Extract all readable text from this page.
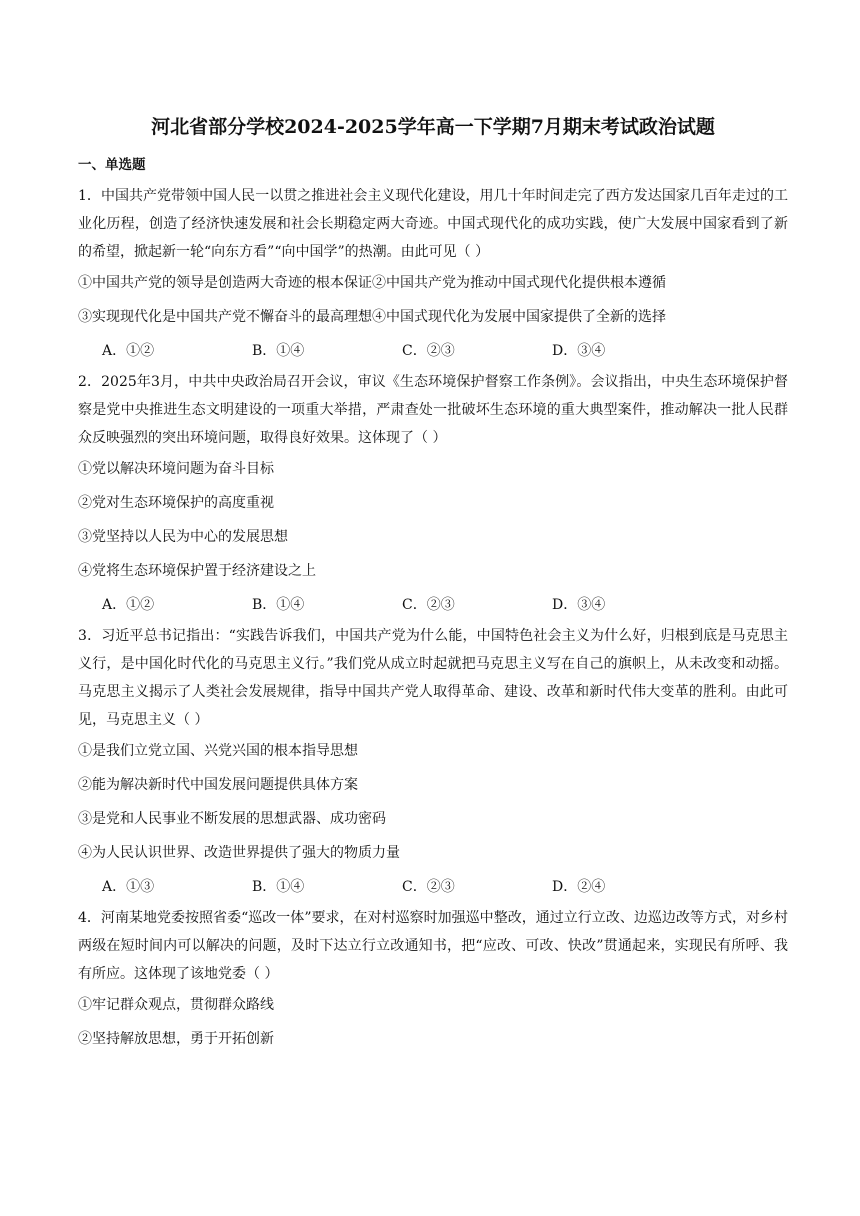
河北省部分学校2024-2025学年高一下学期7月期末考试政治试题
一、单选题

1．中国共产党带领中国人民一以贯之推进社会主义现代化建设，用几十年时间走完了西方发达国家几百年走过的工业化历程，创造了经济快速发展和社会长期稳定两大奇迹。中国式现代化的成功实践，使广大发展中国家看到了新的希望，掀起新一轮“向东方看”“向中国学”的热潮。由此可见（ ）

①中国共产党的领导是创造两大奇迹的根本保证②中国共产党为推动中国式现代化提供根本遵循

③实现现代化是中国共产党不懈奋斗的最高理想④中国式现代化为发展中国家提供了全新的选择

A．①②	B．①④	C．②③	D．③④

2．2025年3月，中共中央政治局召开会议，审议《生态环境保护督察工作条例》。会议指出，中央生态环境保护督察是党中央推进生态文明建设的一项重大举措，严肃查处一批破坏生态环境的重大典型案件，推动解决一批人民群众反映强烈的突出环境问题，取得良好效果。这体现了（ ）

①党以解决环境问题为奋斗目标

②党对生态环境保护的高度重视

③党坚持以人民为中心的发展思想

④党将生态环境保护置于经济建设之上

A．①②	B．①④	C．②③	D．③④

3．习近平总书记指出：“实践告诉我们，中国共产党为什么能，中国特色社会主义为什么好，归根到底是马克思主义行，是中国化时代化的马克思主义行。”我们党从成立时起就把马克思主义写在自己的旗帜上，从未改变和动摇。马克思主义揭示了人类社会发展规律，指导中国共产党人取得革命、建设、改革和新时代伟大变革的胜利。由此可见，马克思主义（ ）

①是我们立党立国、兴党兴国的根本指导思想

②能为解决新时代中国发展问题提供具体方案

③是党和人民事业不断发展的思想武器、成功密码

④为人民认识世界、改造世界提供了强大的物质力量

A．①③	B．①④	C．②③	D．②④

4．河南某地党委按照省委“巡改一体”要求，在对村巡察时加强巡中整改，通过立行立改、边巡边改等方式，对乡村两级在短时间内可以解决的问题，及时下达立行立改通知书，把“应改、可改、快改”贯通起来，实现民有所呼、我有所应。这体现了该地党委（ ）

①牢记群众观点，贯彻群众路线

②坚持解放思想，勇于开拓创新
